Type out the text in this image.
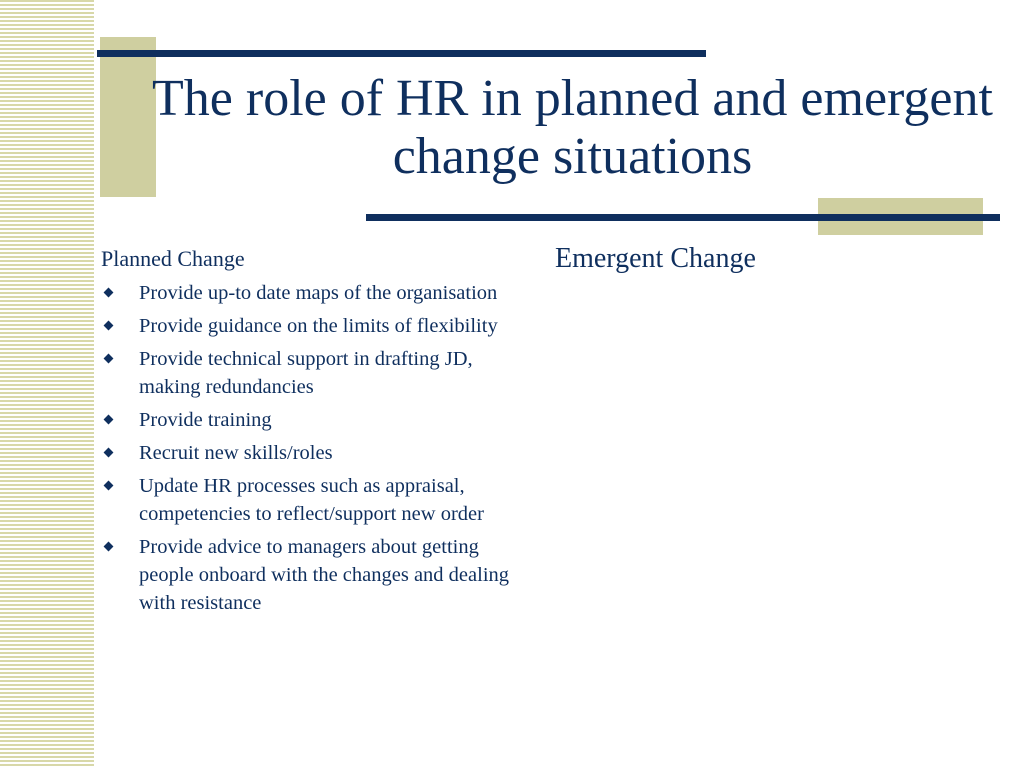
The role of HR in planned and emergent change situations
Planned Change
Provide up-to date maps of the organisation
Provide guidance on the limits of flexibility
Provide technical support in drafting JD, making redundancies
Provide training
Recruit new skills/roles
Update HR processes such as appraisal, competencies to reflect/support new order
Provide advice to managers about getting people onboard with the changes and dealing with resistance
Emergent Change
